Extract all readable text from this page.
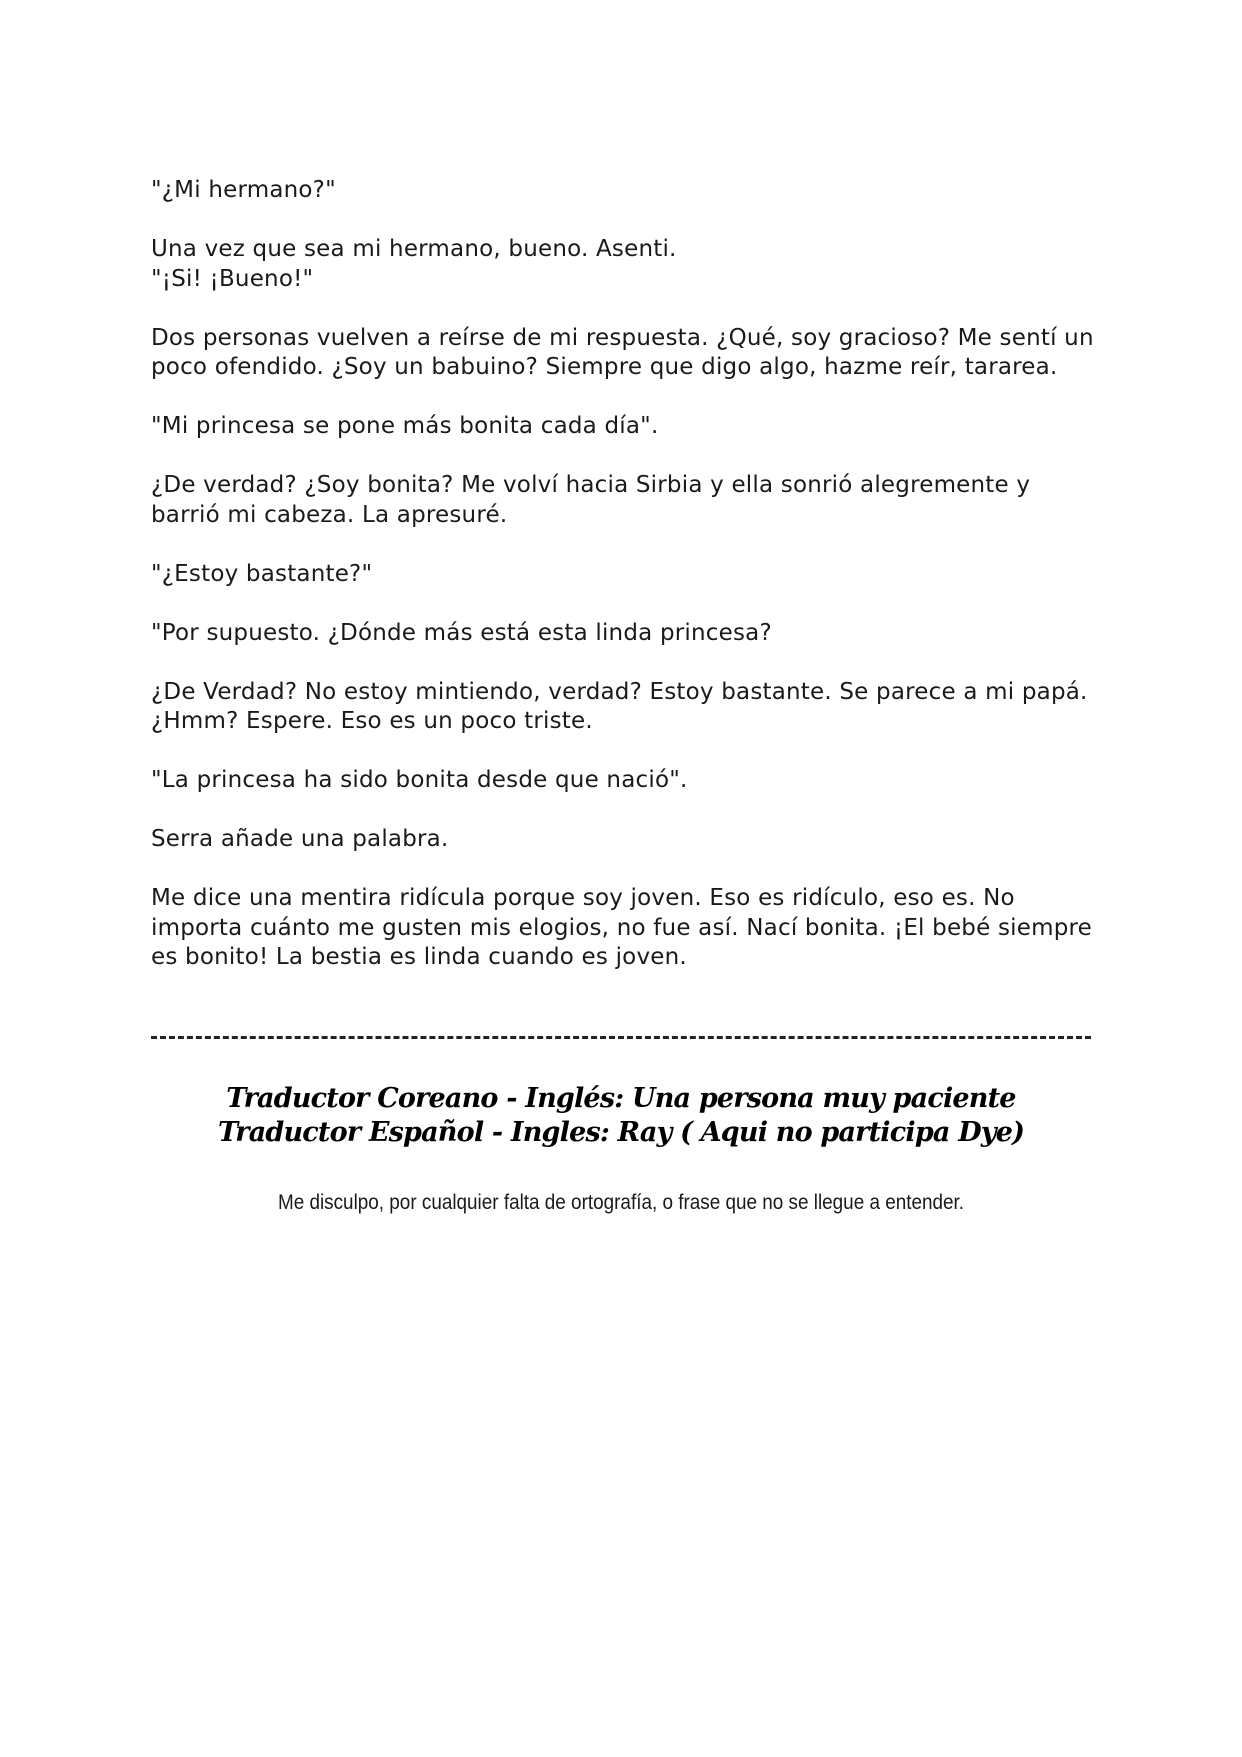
"¿Mi hermano?"

Una vez que sea mi hermano, bueno. Asenti.

"¡Si! ¡Bueno!"

Dos personas vuelven a reírse de mi respuesta. ¿Qué, soy gracioso? Me sentí un poco ofendido. ¿Soy un babuino? Siempre que digo algo, hazme reír, tararea.

"Mi princesa se pone más bonita cada día".

¿De verdad? ¿Soy bonita? Me volví hacia Sirbia y ella sonrió alegremente y barrió mi cabeza. La apresuré.

"¿Estoy bastante?"

"Por supuesto. ¿Dónde más está esta linda princesa?

¿De Verdad? No estoy mintiendo, verdad? Estoy bastante. Se parece a mi papá. ¿Hmm? Espere. Eso es un poco triste.

"La princesa ha sido bonita desde que nació".

Serra añade una palabra.

Me dice una mentira ridícula porque soy joven. Eso es ridículo, eso es. No importa cuánto me gusten mis elogios, no fue así. Nací bonita. ¡El bebé siempre es bonito! La bestia es linda cuando es joven.

Traductor Coreano - Inglés: Una persona muy paciente
Traductor Español - Ingles: Ray ( Aqui no participa Dye)
Me disculpo, por cualquier falta de ortografía, o frase que no se llegue a entender.
